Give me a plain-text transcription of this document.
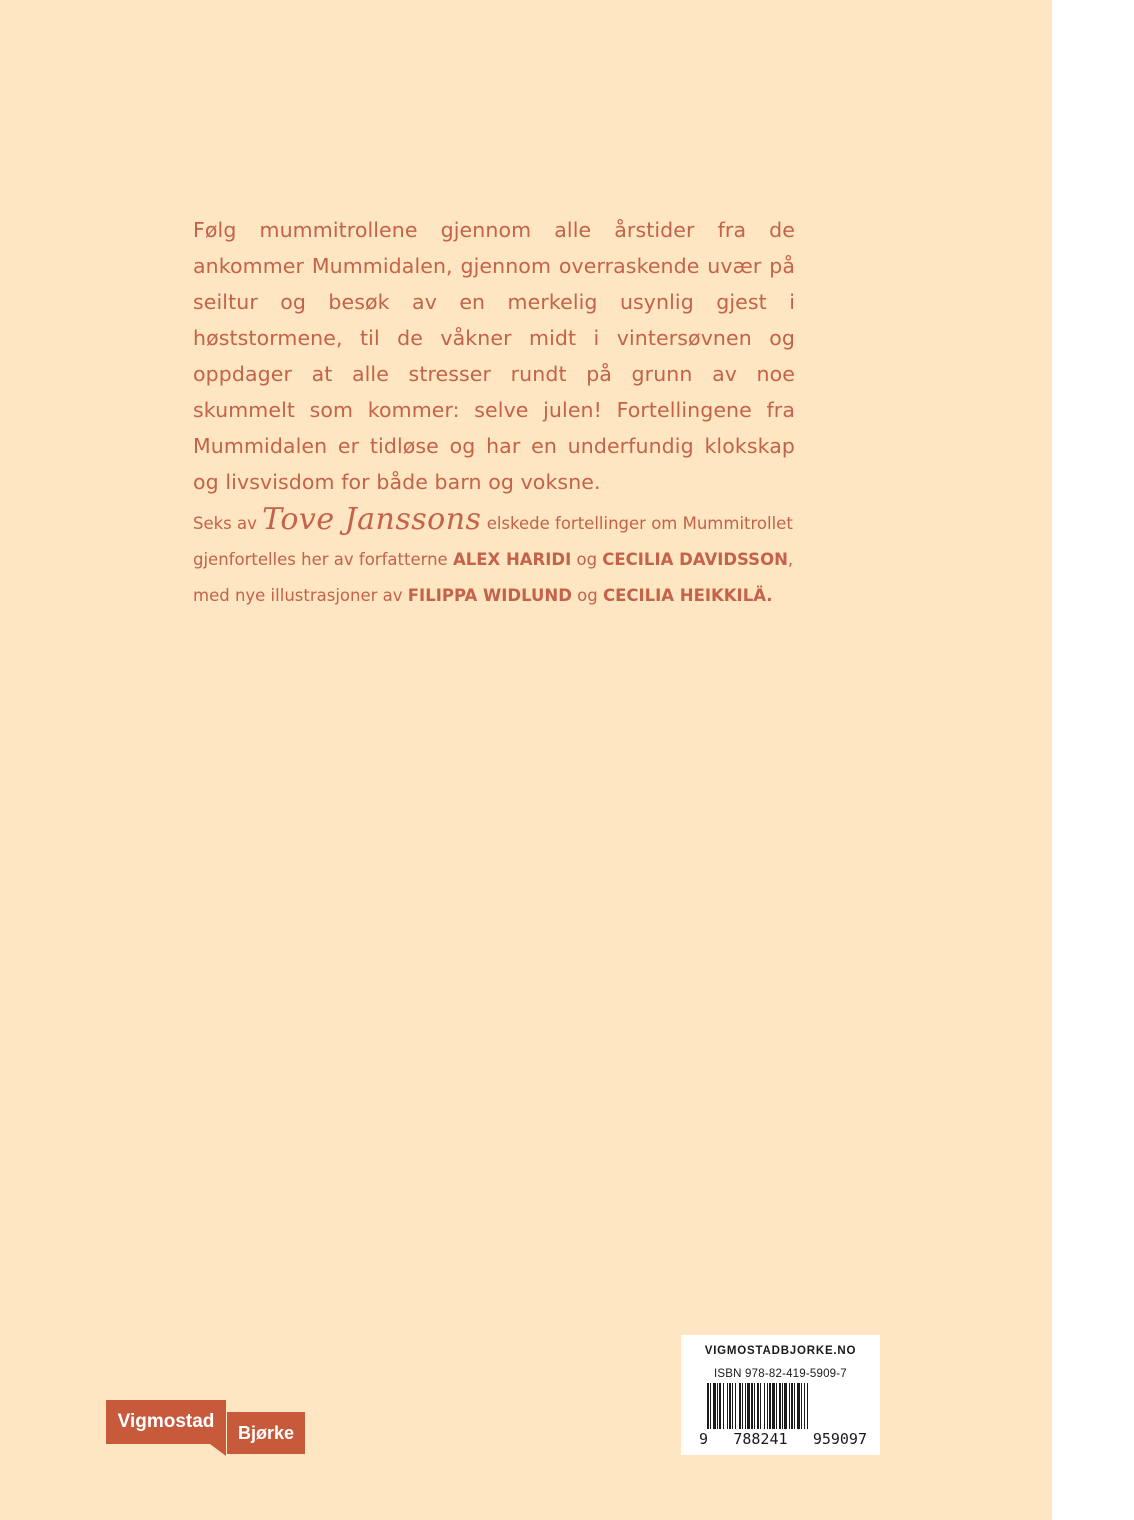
Følg mummitrollene gjennom alle årstider fra de ankommer Mummidalen, gjennom overraskende uvær på seiltur og besøk av en merkelig usynlig gjest i høststormene, til de våkner midt i vintersøvnen og oppdager at alle stresser rundt på grunn av noe skummelt som kommer: selve julen! Fortellingene fra Mummidalen er tidløse og har en underfundig klokskap og livsvisdom for både barn og voksne.

Seks av Tove Janssons elskede fortellinger om Mummitrollet gjenfortelles her av forfatterne ALEX HARIDI og CECILIA DAVIDSSON, med nye illustrasjoner av FILIPPA WIDLUND og CECILIA HEIKKILÄ.

Vigmostad
Bjørke
VIGMOSTADBJORKE.NO
ISBN 978-82-419-5909-7
9 788241 959097
